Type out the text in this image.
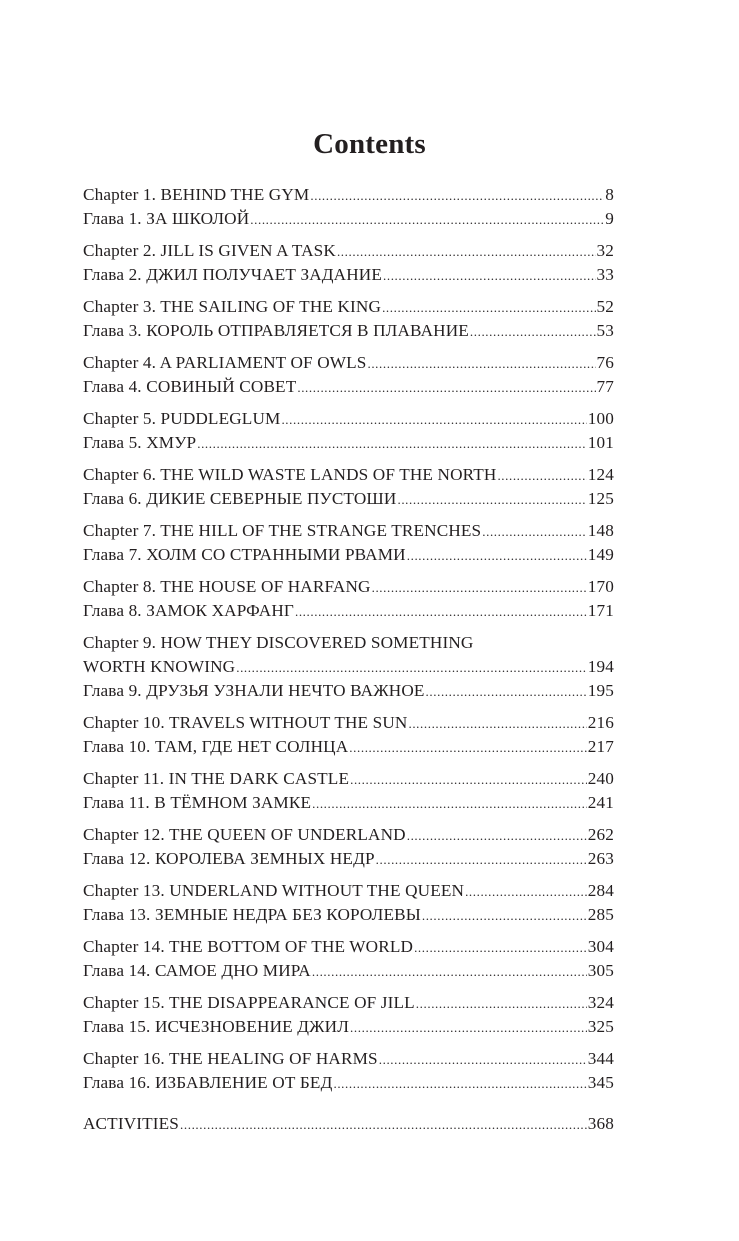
Contents
Chapter 1. BEHIND THE GYM .....	8
Глава 1. ЗА ШКОЛОЙ .....	9
Chapter 2. JILL IS GIVEN A TASK .....	32
Глава 2. ДЖИЛ ПОЛУЧАЕТ ЗАДАНИЕ .....	33
Chapter 3. THE SAILING OF THE KING .....	52
Глава 3. КОРОЛЬ ОТПРАВЛЯЕТСЯ В ПЛАВАНИЕ .....	53
Chapter 4. A PARLIAMENT OF OWLS .....	76
Глава 4. СОВИНЫЙ СОВЕТ .....	77
Chapter 5. PUDDLEGLUM .....	100
Глава 5. ХМУР .....	101
Chapter 6. THE WILD WASTE LANDS OF THE NORTH .....	124
Глава 6. ДИКИЕ СЕВЕРНЫЕ ПУСТОШИ .....	125
Chapter 7. THE HILL OF THE STRANGE TRENCHES .....	148
Глава 7. ХОЛМ СО СТРАННЫМИ РВАМИ .....	149
Chapter 8. THE HOUSE OF HARFANG .....	170
Глава 8. ЗАМОК ХАРФАНГ .....	171
Chapter 9. HOW THEY DISCOVERED SOMETHING
WORTH KNOWING .....	194
Глава 9. ДРУЗЬЯ УЗНАЛИ НЕЧТО ВАЖНОЕ .....	195
Chapter 10. TRAVELS WITHOUT THE SUN .....	216
Глава 10. ТАМ, ГДЕ НЕТ СОЛНЦА .....	217
Chapter 11. IN THE DARK CASTLE .....	240
Глава 11. В ТЁМНОМ ЗАМКЕ .....	241
Chapter 12. THE QUEEN OF UNDERLAND .....	262
Глава 12. КОРОЛЕВА ЗЕМНЫХ НЕДР .....	263
Chapter 13. UNDERLAND WITHOUT THE QUEEN .....	284
Глава 13. ЗЕМНЫЕ НЕДРА БЕЗ КОРОЛЕВЫ .....	285
Chapter 14. THE BOTTOM OF THE WORLD .....	304
Глава 14. САМОЕ ДНО МИРА .....	305
Chapter 15. THE DISAPPEARANCE OF JILL .....	324
Глава 15. ИСЧЕЗНОВЕНИЕ ДЖИЛ .....	325
Chapter 16. THE HEALING OF HARMS .....	344
Глава 16. ИЗБАВЛЕНИЕ ОТ БЕД .....	345
ACTIVITIES .....	368
